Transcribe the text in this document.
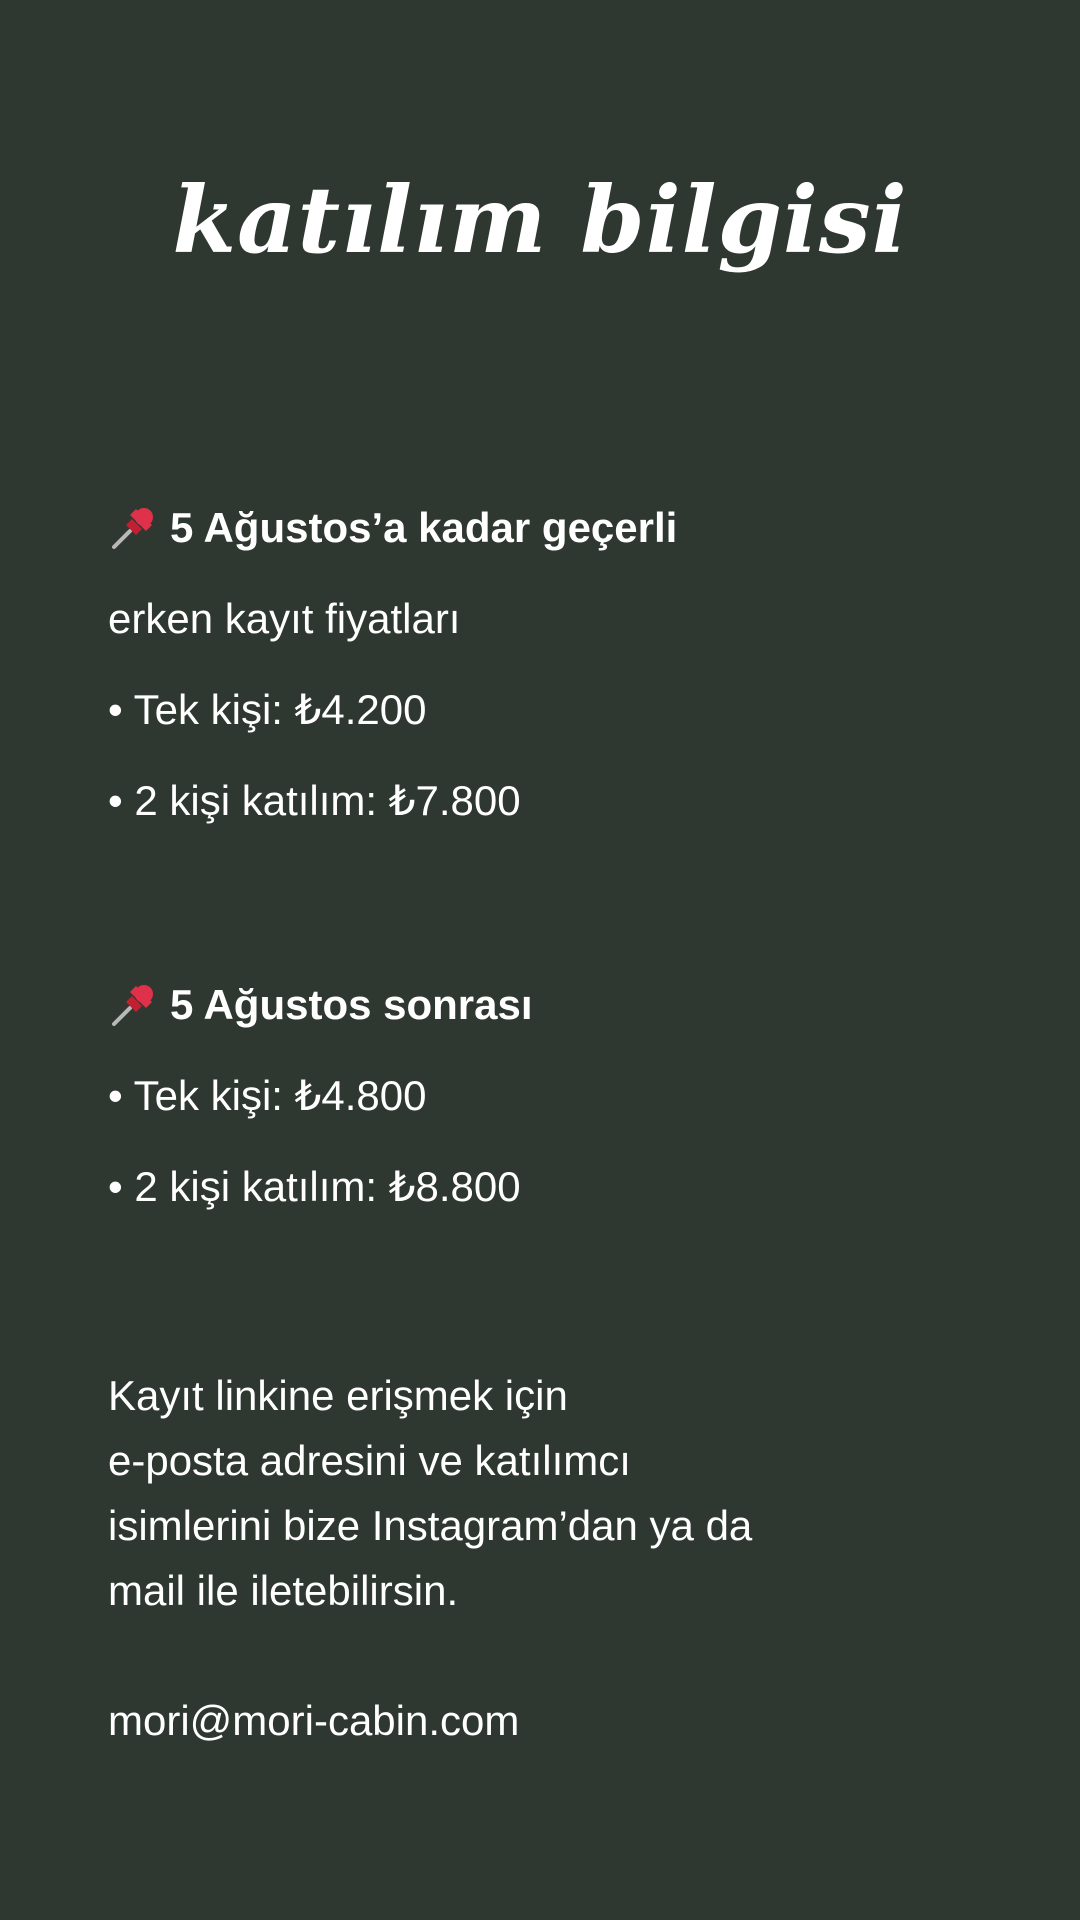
katılım bilgisi
5 Ağustos’a kadar geçerli
erken kayıt fiyatları
• Tek kişi: ₺4.200
• 2 kişi katılım: ₺7.800
5 Ağustos sonrası
• Tek kişi: ₺4.800
• 2 kişi katılım: ₺8.800
Kayıt linkine erişmek için
e-posta adresini ve katılımcı
isimlerini bize Instagram’dan ya da
mail ile iletebilirsin.
mori@mori-cabin.com
